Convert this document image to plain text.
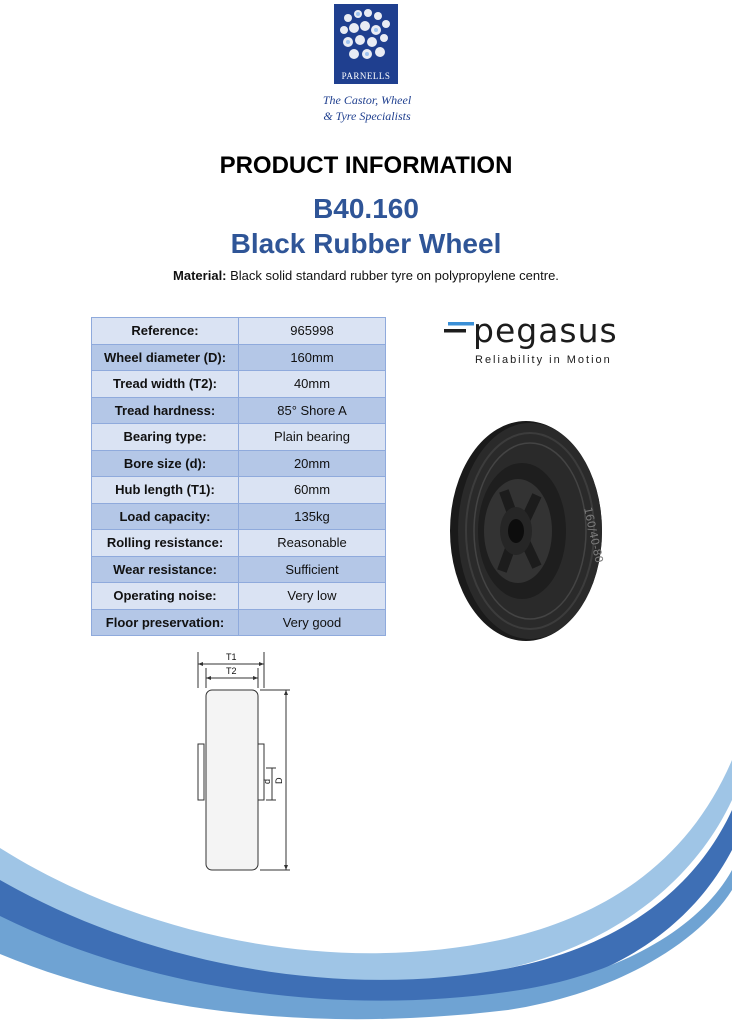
PARNELLS
The Castor, Wheel
& Tyre Specialists
PRODUCT INFORMATION
B40.160
Black Rubber Wheel
Material: Black solid standard rubber tyre on polypropylene centre.
Reference:	965998
Wheel diameter (D):	160mm
Tread width (T2):	40mm
Tread hardness:	85° Shore A
Bearing type:	Plain bearing
Bore size (d):	20mm
Hub length (T1):	60mm
Load capacity:	135kg
Rolling resistance:	Reasonable
Wear resistance:	Sufficient
Operating noise:	Very low
Floor preservation:	Very good
pegasus
Reliability in Motion
160/40-80
T1
T2
d D
